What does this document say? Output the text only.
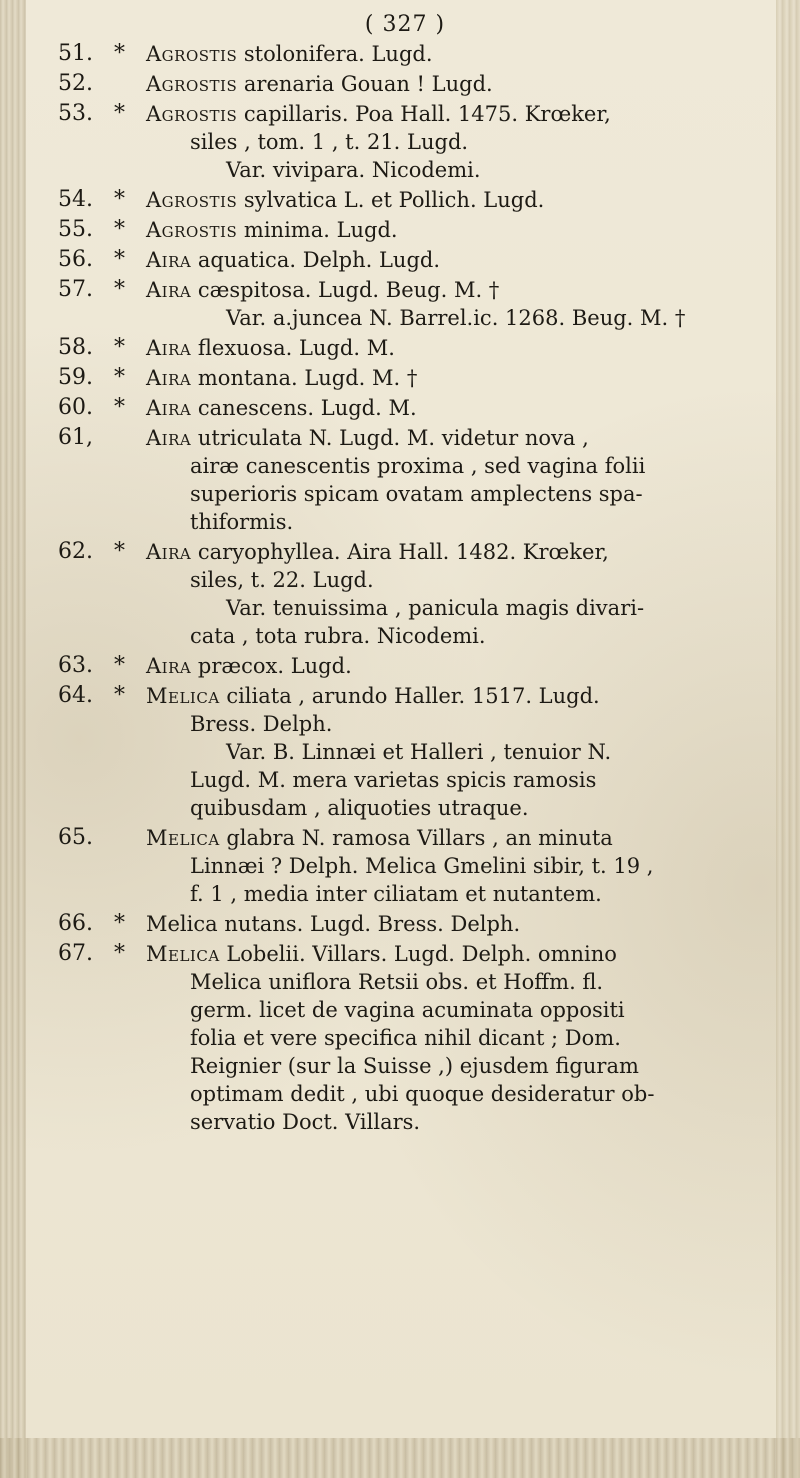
( 327 )
51. *	Agrostis stolonifera. Lugd.
52.	Agrostis arenaria Gouan ! Lugd.
53. *	Agrostis capillaris. Poa Hall. 1475. Krœker,
siles , tom. 1 , t. 21. Lugd.
Var. vivipara. Nicodemi.
54. *	Agrostis sylvatica L. et Pollich. Lugd.
55. *	Agrostis minima. Lugd.
56. *	Aira aquatica. Delph. Lugd.
57. *	Aira cæspitosa. Lugd. Beug. M. †
Var. a.juncea N. Barrel.ic. 1268. Beug. M. †
58. *	Aira flexuosa. Lugd. M.
59. *	Aira montana. Lugd. M. †
60. *	Aira canescens. Lugd. M.
61,	Aira utriculata N. Lugd. M. videtur nova ,
airæ canescentis proxima , sed vagina folii
superioris spicam ovatam amplectens spa-
thiformis.
62. *	Aira caryophyllea. Aira Hall. 1482. Krœker,
siles, t. 22. Lugd.
Var. tenuissima , panicula magis divari-
cata , tota rubra. Nicodemi.
63. *	Aira præcox. Lugd.
64. *	Melica ciliata , arundo Haller. 1517. Lugd.
Bress. Delph.
Var. B. Linnæi et Halleri , tenuior N.
Lugd. M. mera varietas spicis ramosis
quibusdam , aliquoties utraque.
65.	Melica glabra N. ramosa Villars , an minuta
Linnæi ? Delph. Melica Gmelini sibir, t. 19 ,
f. 1 , media inter ciliatam et nutantem.
66. *	Melica nutans. Lugd. Bress. Delph.
67. *	Melica Lobelii. Villars. Lugd. Delph. omnino
Melica uniflora Retsii obs. et Hoffm. fl.
germ. licet de vagina acuminata oppositi
folia et vere specifica nihil dicant ; Dom.
Reignier (sur la Suisse ,) ejusdem figuram
optimam dedit , ubi quoque desideratur ob-
servatio Doct. Villars.
